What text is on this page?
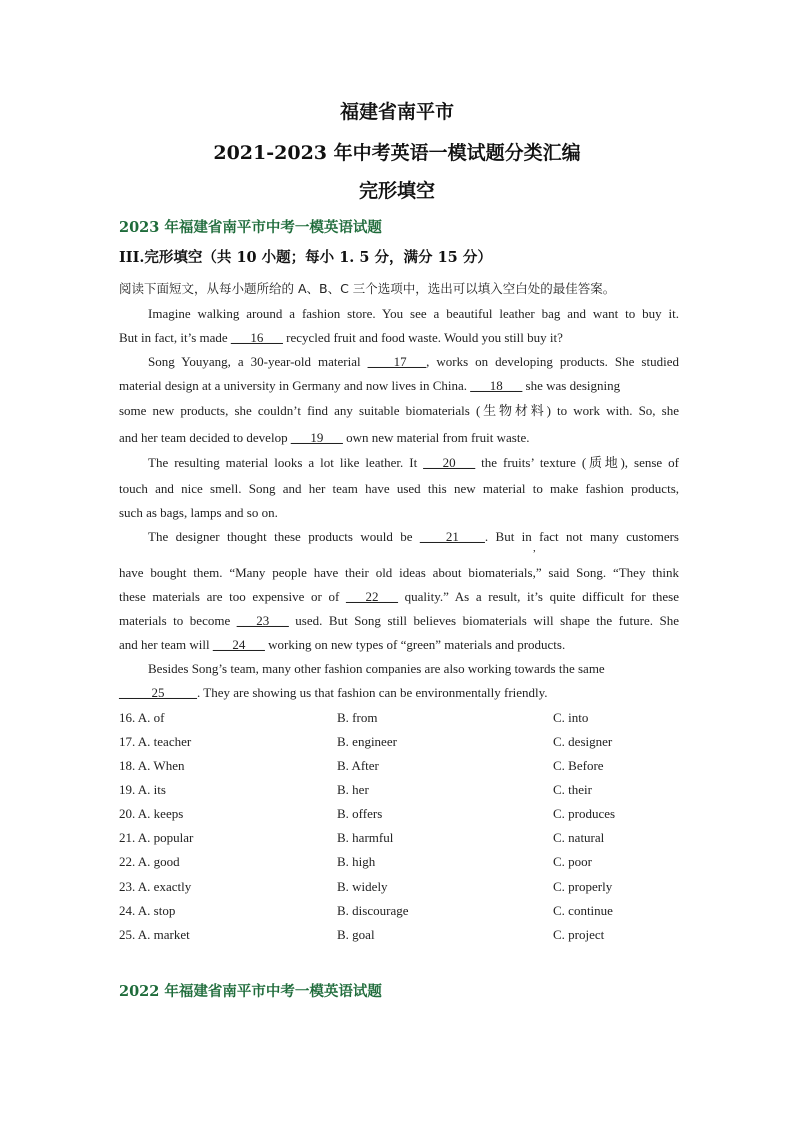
福建省南平市
2021-2023 年中考英语一模试题分类汇编
完形填空
2023 年福建省南平市中考一模英语试题
III.完形填空（共 10 小题；每小 1. 5 分，满分 15 分）
阅读下面短文，从每小题所给的 A、B、C 三个选项中，选出可以填入空白处的最佳答案。
Imagine walking around a fashion store. You see a beautiful leather bag and want to buy it.
But in fact, it’s made ___16___ recycled fruit and food waste. Would you still buy it?
Song Youyang, a 30-year-old material ____17___, works on developing products. She studied
material design at a university in Germany and now lives in China. ___18___ she was designing
some new products, she couldn’t find any suitable biomaterials (生物材料) to work with. So, she
and her team decided to develop ___19___ own new material from fruit waste.
The resulting material looks a lot like leather. It ___20___ the fruits’ texture (质地), sense of
touch and nice smell. Song and her team have used this new material to make fashion products,
such as bags, lamps and so on.
The designer thought these products would be ____21____. But in fact not many customers
,
have bought them. “Many people have their old ideas about biomaterials,” said Song. “They think
these materials are too expensive or of ___22___ quality.” As a result, it’s quite difficult for these
materials to become ___23___ used. But Song still believes biomaterials will shape the future. She
and her team will ___24___ working on new types of “green” materials and products.
Besides Song’s team, many other fashion companies are also working towards the same
_____25_____. They are showing us that fashion can be environmentally friendly.
16. A. of	B. from	C. into
17. A. teacher	B. engineer	C. designer
18. A. When	B. After	C. Before
19. A. its	B. her	C. their
20. A. keeps	B. offers	C. produces
21. A. popular	B. harmful	C. natural
22. A. good	B. high	C. poor
23. A. exactly	B. widely	C. properly
24. A. stop	B. discourage	C. continue
25. A. market	B. goal	C. project
2022 年福建省南平市中考一模英语试题
